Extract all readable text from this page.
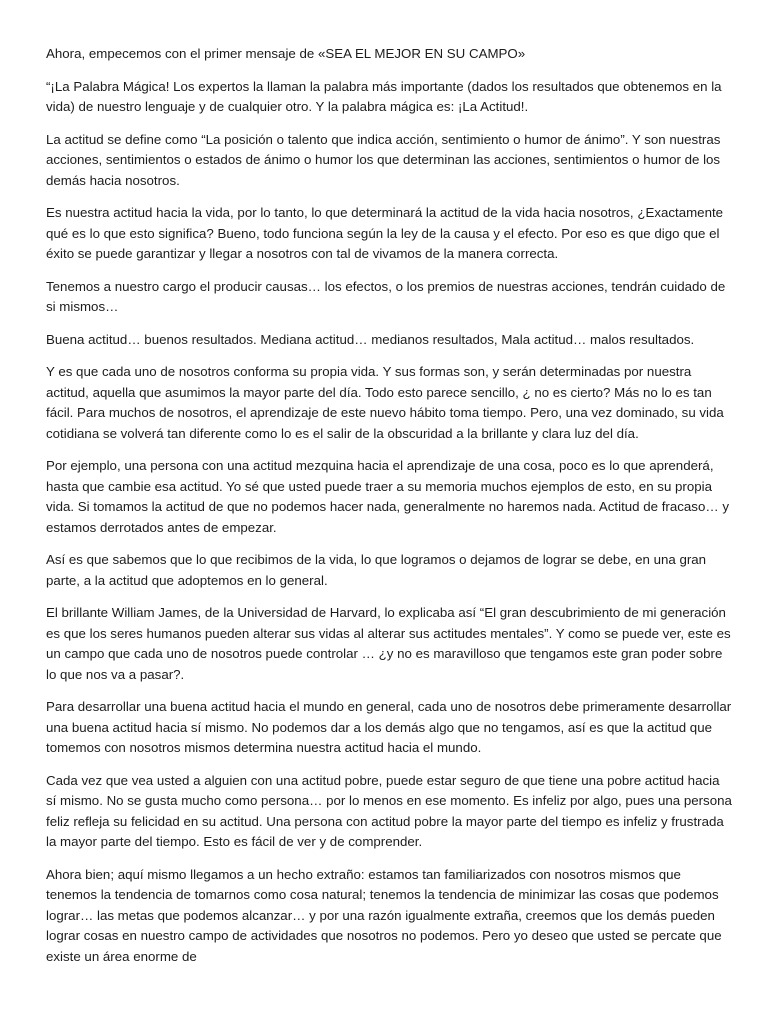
Ahora, empecemos con el primer mensaje de «SEA EL MEJOR EN SU CAMPO»

“¡La Palabra Mágica! Los expertos la llaman la palabra más importante (dados los resultados que obtenemos en la vida) de nuestro lenguaje y de cualquier otro. Y la palabra mágica es: ¡La Actitud!.

La actitud se define como “La posición o talento que indica acción, sentimiento o humor de ánimo”. Y son nuestras acciones, sentimientos o estados de ánimo o humor los que determinan las acciones, sentimientos o humor de los demás hacia nosotros.

Es nuestra actitud hacia la vida, por lo tanto, lo que determinará la actitud de la vida hacia nosotros, ¿Exactamente qué es lo que esto significa? Bueno, todo funciona según la ley de la causa y el efecto. Por eso es que digo que el éxito se puede garantizar y llegar a nosotros con tal de vivamos de la manera correcta.

Tenemos a nuestro cargo el producir causas… los efectos, o los premios de nuestras acciones, tendrán cuidado de si mismos…

Buena actitud… buenos resultados. Mediana actitud… medianos resultados, Mala actitud… malos resultados.

Y es que cada uno de nosotros conforma su propia vida. Y sus formas son, y serán determinadas por nuestra actitud, aquella que asumimos la mayor parte del día. Todo esto parece sencillo, ¿ no es cierto? Más no lo es tan fácil. Para muchos de nosotros, el aprendizaje de este nuevo hábito toma tiempo. Pero, una vez dominado, su vida cotidiana se volverá tan diferente como lo es el salir de la obscuridad a la brillante y clara luz del día.

Por ejemplo, una persona con una actitud mezquina hacia el aprendizaje de una cosa, poco es lo que aprenderá, hasta que cambie esa actitud. Yo sé que usted puede traer a su memoria muchos ejemplos de esto, en su propia vida. Si tomamos la actitud de que no podemos hacer nada, generalmente no haremos nada. Actitud de fracaso… y estamos derrotados antes de empezar.

Así es que sabemos que lo que recibimos de la vida, lo que logramos o dejamos de lograr se debe, en una gran parte, a la actitud que adoptemos en lo general.

El brillante William James, de la Universidad de Harvard, lo explicaba así “El gran descubrimiento de mi generación es que los seres humanos pueden alterar sus vidas al alterar sus actitudes mentales”. Y como se puede ver, este es un campo que cada uno de nosotros puede controlar … ¿y no es maravilloso que tengamos este gran poder sobre lo que nos va a pasar?.

Para desarrollar una buena actitud hacia el mundo en general, cada uno de nosotros debe primeramente desarrollar una buena actitud hacia sí mismo. No podemos dar a los demás algo que no tengamos, así es que la actitud que tomemos con nosotros mismos determina nuestra actitud hacia el mundo.

Cada vez que vea usted a alguien con una actitud pobre, puede estar seguro de que tiene una pobre actitud hacia sí mismo. No se gusta mucho como persona… por lo menos en ese momento. Es infeliz por algo, pues una persona feliz refleja su felicidad en su actitud. Una persona con actitud pobre la mayor parte del tiempo es infeliz y frustrada la mayor parte del tiempo. Esto es fácil de ver y de comprender.

Ahora bien; aquí mismo llegamos a un hecho extraño: estamos tan familiarizados con nosotros mismos que tenemos la tendencia de tomarnos como cosa natural; tenemos la tendencia de minimizar las cosas que podemos lograr… las metas que podemos alcanzar… y por una razón igualmente extraña, creemos que los demás pueden lograr cosas en nuestro campo de actividades que nosotros no podemos. Pero yo deseo que usted se percate que existe un área enorme de
